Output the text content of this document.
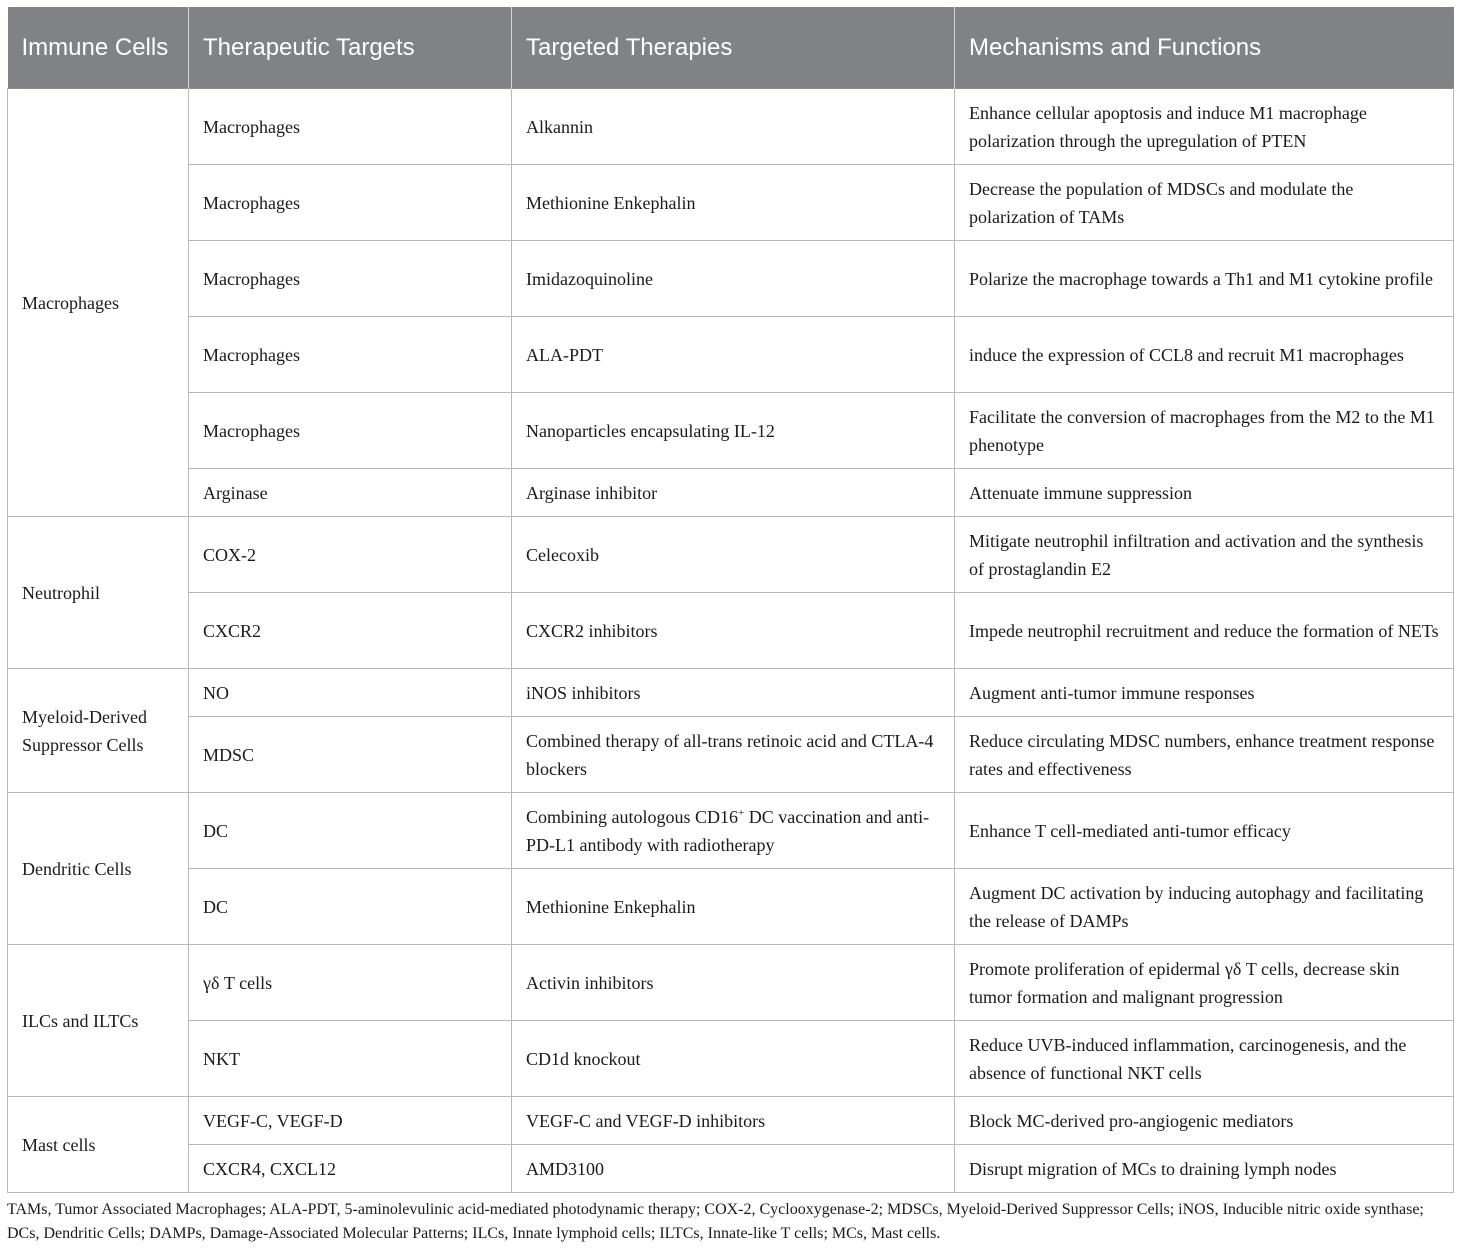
Immune Cells	Therapeutic Targets	Targeted Therapies	Mechanisms and Functions
Macrophages	Macrophages	Alkannin	Enhance cellular apoptosis and induce M1 macrophage polarization through the upregulation of PTEN
	Macrophages	Methionine Enkephalin	Decrease the population of MDSCs and modulate the polarization of TAMs
	Macrophages	Imidazoquinoline	Polarize the macrophage towards a Th1 and M1 cytokine profile
	Macrophages	ALA-PDT	induce the expression of CCL8 and recruit M1 macrophages
	Macrophages	Nanoparticles encapsulating IL-12	Facilitate the conversion of macrophages from the M2 to the M1 phenotype
	Arginase	Arginase inhibitor	Attenuate immune suppression
Neutrophil	COX-2	Celecoxib	Mitigate neutrophil infiltration and activation and the synthesis of prostaglandin E2
	CXCR2	CXCR2 inhibitors	Impede neutrophil recruitment and reduce the formation of NETs
Myeloid-Derived Suppressor Cells	NO	iNOS inhibitors	Augment anti-tumor immune responses
	MDSC	Combined therapy of all-trans retinoic acid and CTLA-4 blockers	Reduce circulating MDSC numbers, enhance treatment response rates and effectiveness
Dendritic Cells	DC	Combining autologous CD16+ DC vaccination and anti-PD-L1 antibody with radiotherapy	Enhance T cell-mediated anti-tumor efficacy
	DC	Methionine Enkephalin	Augment DC activation by inducing autophagy and facilitating the release of DAMPs
ILCs and ILTCs	γδ T cells	Activin inhibitors	Promote proliferation of epidermal γδ T cells, decrease skin tumor formation and malignant progression
	NKT	CD1d knockout	Reduce UVB-induced inflammation, carcinogenesis, and the absence of functional NKT cells
Mast cells	VEGF-C, VEGF-D	VEGF-C and VEGF-D inhibitors	Block MC-derived pro-angiogenic mediators
	CXCR4, CXCL12	AMD3100	Disrupt migration of MCs to draining lymph nodes
TAMs, Tumor Associated Macrophages; ALA-PDT, 5-aminolevulinic acid-mediated photodynamic therapy; COX-2, Cyclooxygenase-2; MDSCs, Myeloid-Derived Suppressor Cells; iNOS, Inducible nitric oxide synthase; DCs, Dendritic Cells; DAMPs, Damage-Associated Molecular Patterns; ILCs, Innate lymphoid cells; ILTCs, Innate-like T cells; MCs, Mast cells.
